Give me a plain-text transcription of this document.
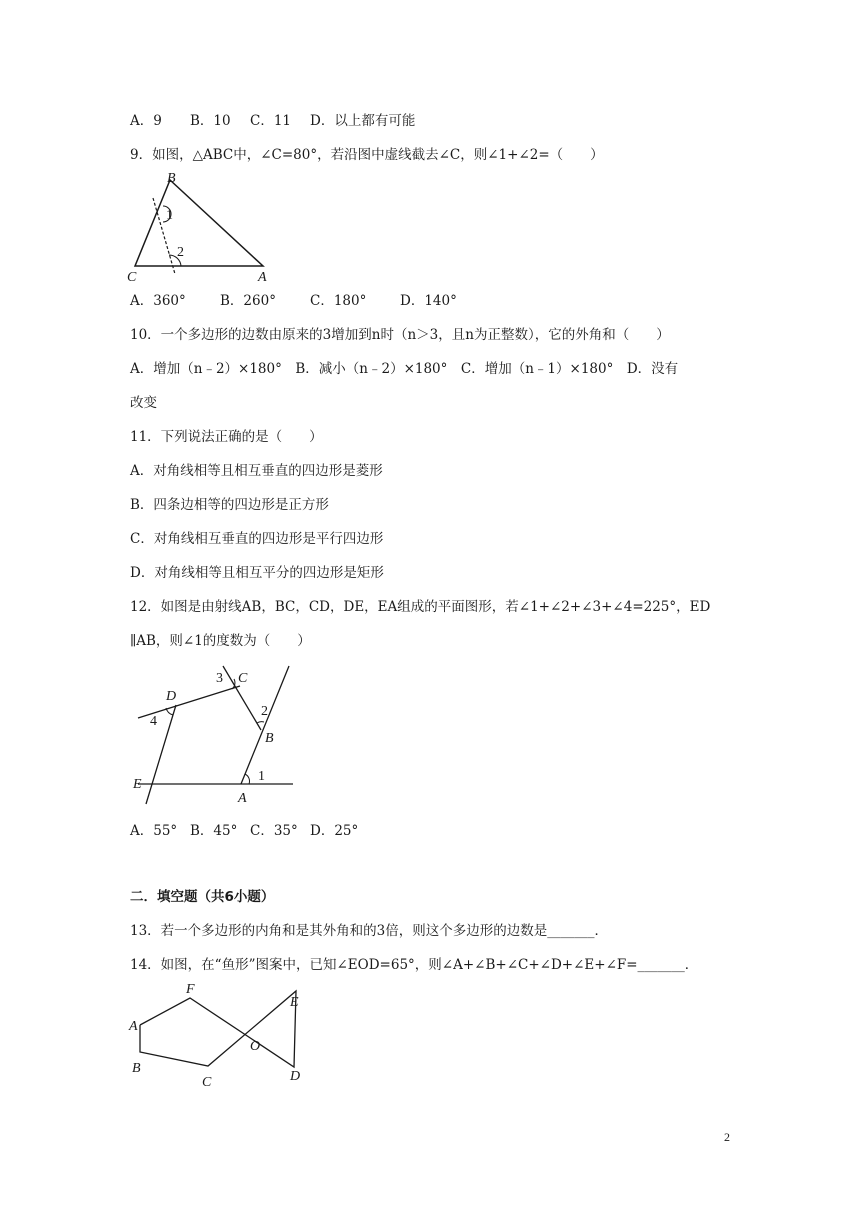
A．9 B．10 C．11 D．以上都有可能
9．如图，△ABC中，∠C=80°，若沿图中虚线截去∠C，则∠1+∠2=（　　）
B
C	A
1
2
A．360°	B．260°	C．180° D．140°
10．一个多边形的边数由原来的3增加到n时（n＞3，且n为正整数），它的外角和（　　）
A．增加（n﹣2）×180°　B．减小（n﹣2）×180°　C．增加（n﹣1）×180°　D．没有
改变
11．下列说法正确的是（　　）
A．对角线相等且相互垂直的四边形是菱形
B．四条边相等的四边形是正方形
C．对角线相互垂直的四边形是平行四边形
D．对角线相等且相互平分的四边形是矩形
12．如图是由射线AB，BC，CD，DE，EA组成的平面图形，若∠1+∠2+∠3+∠4=225°，ED
∥AB，则∠1的度数为（　　）
C
D
B
E
A
1
2
3
4
A．55° B．45° C．35° D．25°
二．填空题（共6小题）
13．若一个多边形的内角和是其外角和的3倍，则这个多边形的边数是_______．
14．如图，在“鱼形”图案中，已知∠EOD=65°，则∠A+∠B+∠C+∠D+∠E+∠F=_______．
F
A
B
C
O
E
D
2
